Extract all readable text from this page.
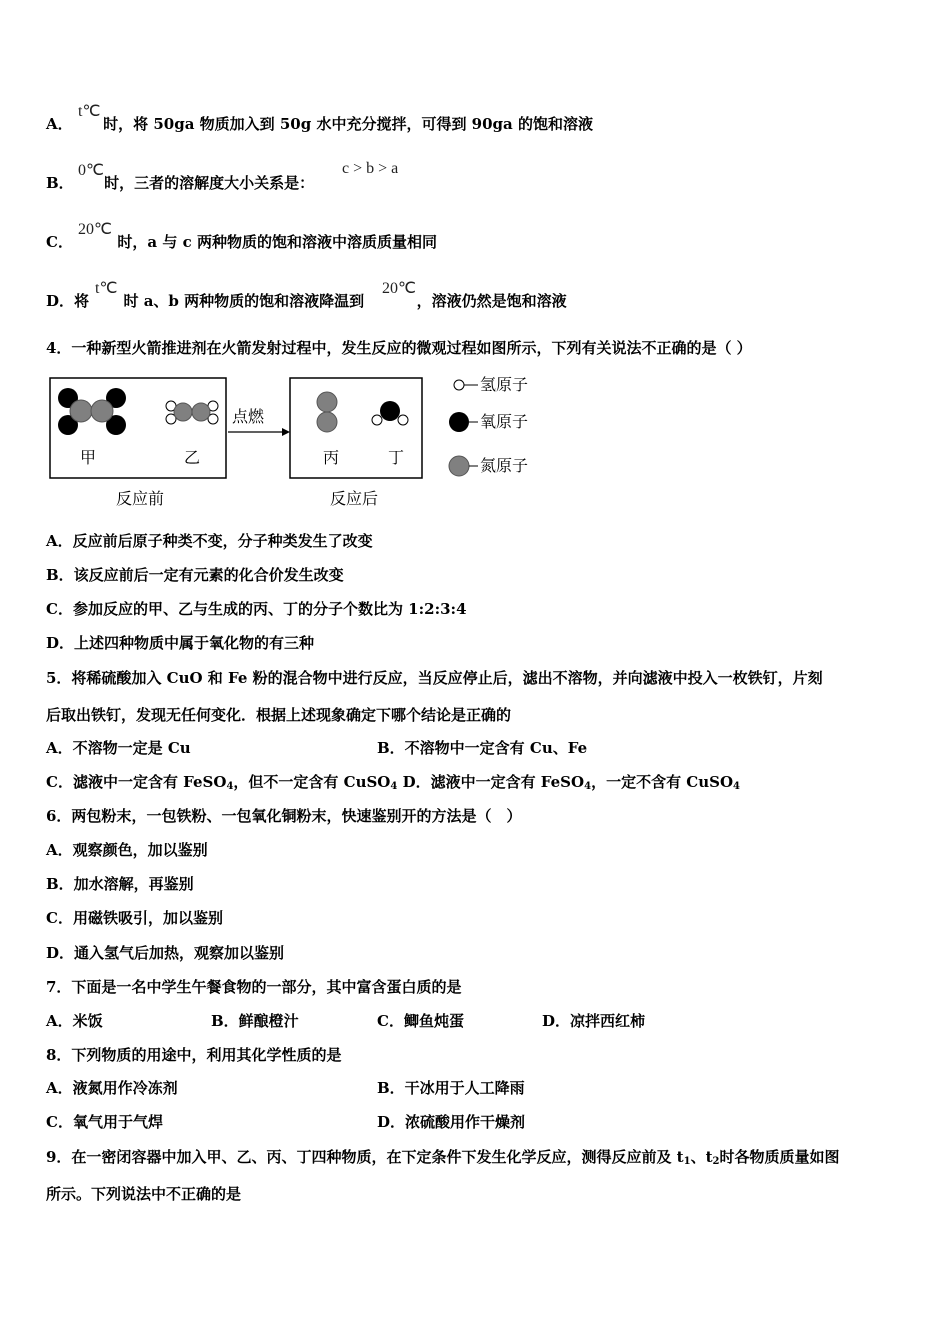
A． 时，将 50ga 物质加入到 50g 水中充分搅拌，可得到 90ga 的饱和溶液
t℃
B． 时，三者的溶解度大小关系是：
0℃	c > b > a
C．	时，a 与 c 两种物质的饱和溶液中溶质质量相同
20℃
D．将 时 a、b 两种物质的饱和溶液降温到	，溶液仍然是饱和溶液
t℃	20℃
4．一种新型火箭推进剂在火箭发射过程中，发生反应的微观过程如图所示，下列有关说法不正确的是（ ）
甲	乙
反应前
点燃
丙	丁
反应后
氢原子
氧原子
氮原子
A．反应前后原子种类不变，分子种类发生了改变
B．该反应前后一定有元素的化合价发生改变
C．参加反应的甲、乙与生成的丙、丁的分子个数比为 1:2:3:4
D．上述四种物质中属于氧化物的有三种
5．将稀硫酸加入 CuO 和 Fe 粉的混合物中进行反应，当反应停止后，滤出不溶物，并向滤液中投入一枚铁钉，片刻
后取出铁钉，发现无任何变化．根据上述现象确定下哪个结论是正确的
A．不溶物一定是 Cu	B．不溶物中一定含有 Cu、Fe
C．滤液中一定含有 FeSO$_4$，但不一定含有 CuSO$_4$ D．滤液中一定含有 FeSO$_4$，一定不含有 CuSO$_4$
6．两包粉末，一包铁粉、一包氧化铜粉末，快速鉴别开的方法是（　）
A．观察颜色，加以鉴别
B．加水溶解，再鉴别
C．用磁铁吸引，加以鉴别
D．通入氢气后加热，观察加以鉴别
7．下面是一名中学生午餐食物的一部分，其中富含蛋白质的是
A．米饭	B．鲜酿橙汁	C．鲫鱼炖蛋	D．凉拌西红柿
8．下列物质的用途中，利用其化学性质的是
A．液氮用作冷冻剂	B．干冰用于人工降雨
C．氧气用于气焊	D．浓硫酸用作干燥剂
9．在一密闭容器中加入甲、乙、丙、丁四种物质，在下定条件下发生化学反应，测得反应前及 $t_1$、$t_2$时各物质质量如图
所示。下列说法中不正确的是
